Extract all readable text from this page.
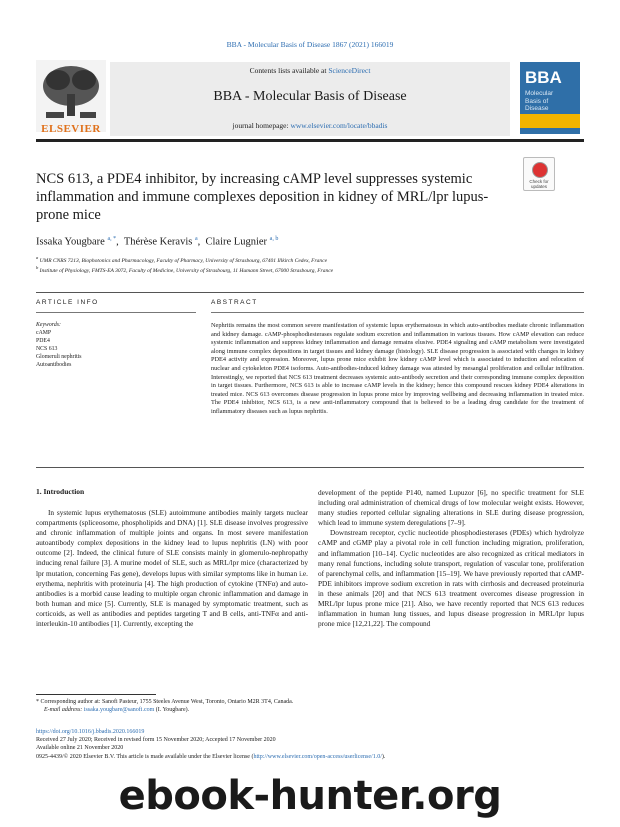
BBA - Molecular Basis of Disease 1867 (2021) 166019
ELSEVIER
Contents lists available at ScienceDirect
BBA - Molecular Basis of Disease
journal homepage: www.elsevier.com/locate/bbadis
BBA
Molecular
Basis of
Disease
NCS 613, a PDE4 inhibitor, by increasing cAMP level suppresses systemic inflammation and immune complexes deposition in kidney of MRL/lpr lupus- prone mice
Check for updates
Issaka Yougbare $^{a, *}$,  Thérèse Keravis $^a$,  Claire Lugnier $^{a, b}$
$^a$ UMR CNRS 7213, Biophotonics and Pharmacology, Faculty of Pharmacy, University of Strasbourg, 67401 Illkirch Cedex, France
$^b$ Institute of Physiology, FMTS-EA 3072, Faculty of Medicine, University of Strasbourg, 11 Humann Street, 67000 Strasbourg, France
ARTICLE INFO	ABSTRACT
Keywords:
cAMP
PDE4
NCS 613
Glomeruli nephritis
Autoantibodies
Nephritis remains the most common severe manifestation of systemic lupus erythematosus in which auto-antibodies mediate chronic inflammation and kidney damage. cAMP-phosphodiesterases regulate sodium excretion and inflammation in various tissues. How cAMP elevation can reduce systemic inflammation and suppress kidney inflammation and damage remains elusive. PDE4 signaling and cAMP metabolism were investigated along immune complex depositions in target tissues and kidney damage (histology). SLE disease progression is associated with changes in kidney PDE4 activity and expression. Moreover, lupus prone mice exhibit low kidney cAMP level which is associated to induction and relocation of nuclear and cytokeleton PDE4 isoforms. Auto-antibodies-induced kidney damage was attested by mesangial proliferation and cellular infiltration. Interestingly, we reported that NCS 613 treatment decreases systemic auto-antibody secretion and their corresponding immune complex deposition in target tissues. Furthermore, NCS 613 is able to increase cAMP levels in the kidney; hence this compound rescues kidney PDE4 alterations in treated mice. NCS 613 overcomes disease progression in lupus prone mice by improving wellbeing and decreasing inflammation in treated mice. The PDE4 inhibitor, NCS 613, is a new anti-inflammatory compound that is believed to be a leading drug candidate for the treatment of inflammatory diseases such as lupus nephritis.
1. Introduction

In systemic lupus erythematosus (SLE) autoimmune antibodies mainly targets nuclear compartments (spliceosome, phospholipids and DNA) [1]. SLE disease involves progressive and chronic inflammation of multiple joints and organs. In most severe manifestation autoantibody complex depositions in the kidney lead to lupus nephritis (LN) with poor outcome [2]. Indeed, the clinical future of SLE consists mainly in glomerulo-nephropathy inducing renal failure [3]. A murine model of SLE, such as MRL/lpr mice (characterized by lpr mutation, concerning Fas gene), develops lupus with similar symptoms like in human i.e. erythema, nephritis with proteinuria [4]. The high production of cytokine (TNFα) and auto-antibodies is a morbid cause leading to multiple organ chronic inflammation and damage in both human and mice [5]. Currently, SLE is managed by symptomatic treatment, such as corticoids, as well as antibodies and peptides targeting T and B cells, anti-TNFα and anti-interleukin-10 antibodies [1]. Currently, excepting the

development of the peptide P140, named Lupuzor [6], no specific treatment for SLE including oral administration of chemical drugs of low molecular weight exists. However, many studies reported cellular signaling alterations in SLE during disease progression, which lead to immune system deregulations [7–9].

Downstream receptor, cyclic nucleotide phosphodiesterases (PDEs) which hydrolyze cAMP and cGMP play a pivotal role in cell function including migration, proliferation, and inflammation [10–14]. Cyclic nucleotides are also recognized as critical mediators in many renal functions, including solute transport, regulation of vascular tone, proliferation of parenchymal cells, and inflammation [15–19]. We have previously reported that cAMP-PDE inhibitors improve sodium excretion in rats with cirrhosis and decreased proteinuria in these animals [20] and that NCS 613 treatment overcomes disease progression in MRL/lpr lupus prone mice [21]. Also, we have recently reported that NCS 613 reduces inflammation in human lung tissues, and lupus disease progression in MRL/lpr lupus prone mice [12,21,22]. The compound

* Corresponding author at: Sanofi Pasteur, 1755 Steeles Avenue West, Toronto, Ontario M2R 3T4, Canada.
E-mail address: issaka.yougbare@sanofi.com (I. Yougbare).
https://doi.org/10.1016/j.bbadis.2020.166019
Received 27 July 2020; Received in revised form 15 November 2020; Accepted 17 November 2020
Available online 21 November 2020
0925-4439/© 2020 Elsevier B.V. This article is made available under the Elsevier license (http://www.elsevier.com/open-access/userlicense/1.0/).
ebook-hunter.org
